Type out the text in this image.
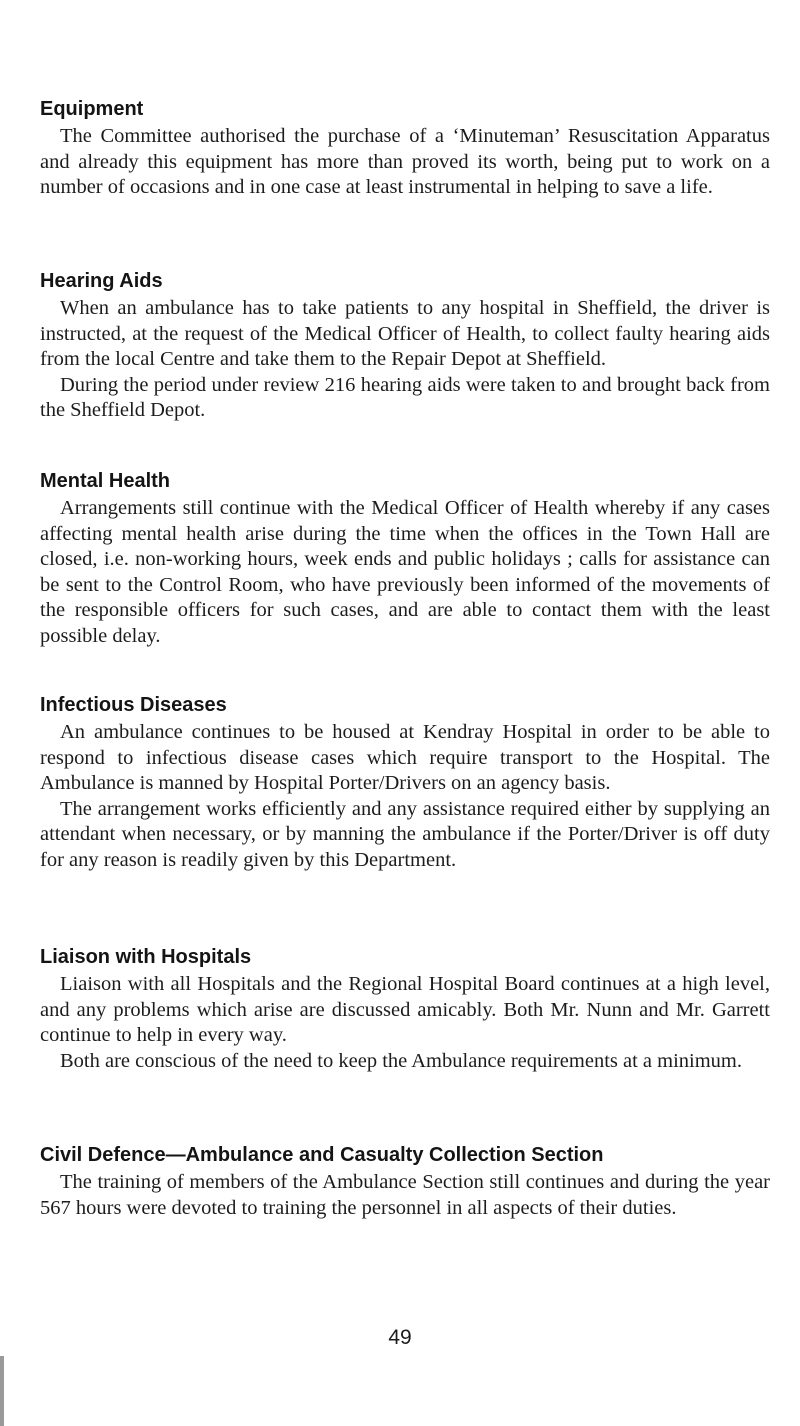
Equipment

The Committee authorised the purchase of a ‘Minuteman’ Resuscitation Apparatus and already this equipment has more than proved its worth, being put to work on a number of occasions and in one case at least instrumental in helping to save a life.

Hearing Aids

When an ambulance has to take patients to any hospital in Sheffield, the driver is instructed, at the request of the Medical Officer of Health, to collect faulty hearing aids from the local Centre and take them to the Repair Depot at Sheffield.

During the period under review 216 hearing aids were taken to and brought back from the Sheffield Depot.

Mental Health

Arrangements still continue with the Medical Officer of Health whereby if any cases affecting mental health arise during the time when the offices in the Town Hall are closed, i.e. non-working hours, week ends and public holidays ; calls for assistance can be sent to the Control Room, who have previously been informed of the movements of the responsible officers for such cases, and are able to contact them with the least possible delay.

Infectious Diseases

An ambulance continues to be housed at Kendray Hospital in order to be able to respond to infectious disease cases which require transport to the Hospital. The Ambulance is manned by Hospital Porter/Drivers on an agency basis.

The arrangement works efficiently and any assistance required either by supplying an attendant when necessary, or by manning the ambulance if the Porter/Driver is off duty for any reason is readily given by this Department.

Liaison with Hospitals

Liaison with all Hospitals and the Regional Hospital Board continues at a high level, and any problems which arise are discussed amicably. Both Mr. Nunn and Mr. Garrett continue to help in every way.

Both are conscious of the need to keep the Ambulance requirements at a minimum.

Civil Defence—Ambulance and Casualty Collection Section

The training of members of the Ambulance Section still continues and during the year 567 hours were devoted to training the personnel in all aspects of their duties.

49
